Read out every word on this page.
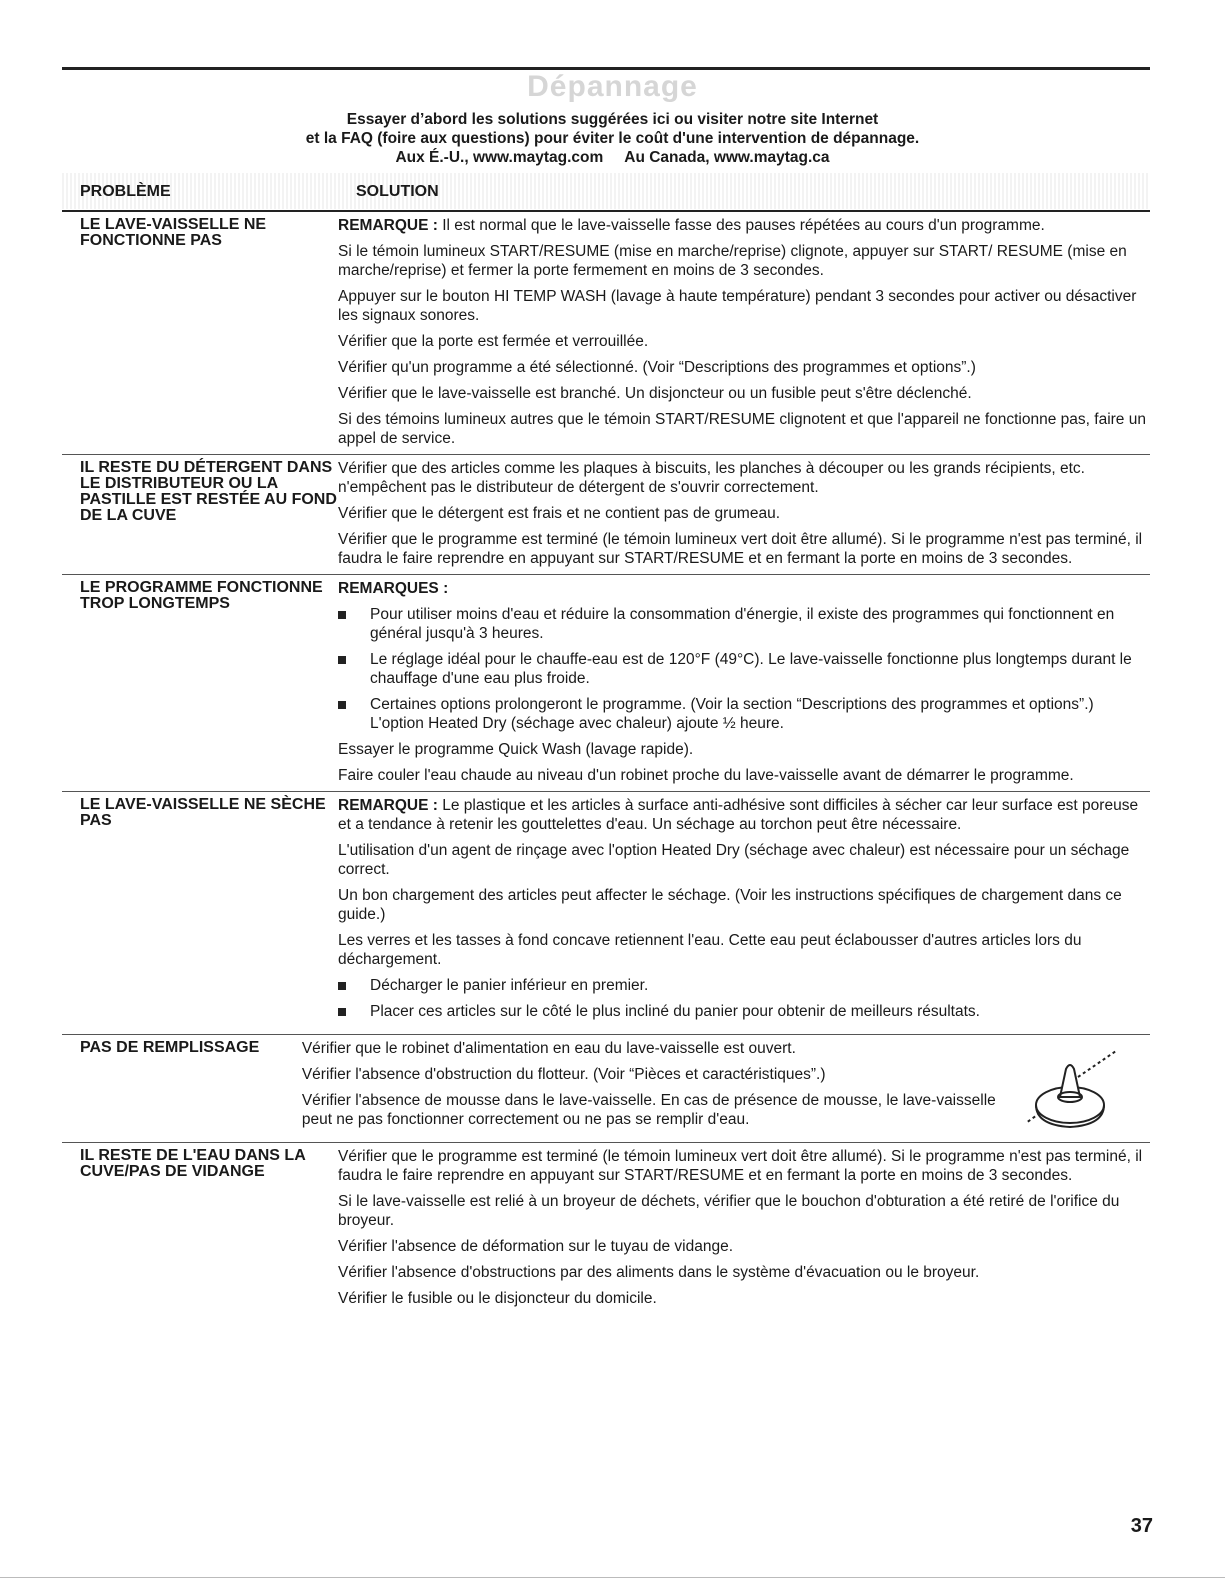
Dépannage
Essayer d’abord les solutions suggérées ici ou visiter notre site Internet
et la FAQ (foire aux questions) pour éviter le coût d'une intervention de dépannage.
Aux É.-U., www.maytag.com     Au Canada, www.maytag.ca
PROBLÈME	SOLUTION
LE LAVE-VAISSELLE NE FONCTIONNE PAS
REMARQUE : Il est normal que le lave-vaisselle fasse des pauses répétées au cours d'un programme.
Si le témoin lumineux START/RESUME (mise en marche/reprise) clignote, appuyer sur START/ RESUME (mise en marche/reprise) et fermer la porte fermement en moins de 3 secondes.
Appuyer sur le bouton HI TEMP WASH (lavage à haute température) pendant 3 secondes pour activer ou désactiver les signaux sonores.
Vérifier que la porte est fermée et verrouillée.
Vérifier qu'un programme a été sélectionné. (Voir “Descriptions des programmes et options”.)
Vérifier que le lave-vaisselle est branché. Un disjoncteur ou un fusible peut s'être déclenché.
Si des témoins lumineux autres que le témoin START/RESUME clignotent et que l'appareil ne fonctionne pas, faire un appel de service.
IL RESTE DU DÉTERGENT DANS LE DISTRIBUTEUR OU LA PASTILLE EST RESTÉE AU FOND DE LA CUVE
Vérifier que des articles comme les plaques à biscuits, les planches à découper ou les grands récipients, etc. n'empêchent pas le distributeur de détergent de s'ouvrir correctement.
Vérifier que le détergent est frais et ne contient pas de grumeau.
Vérifier que le programme est terminé (le témoin lumineux vert doit être allumé). Si le programme n'est pas terminé, il faudra le faire reprendre en appuyant sur START/RESUME et en fermant la porte en moins de 3 secondes.
LE PROGRAMME FONCTIONNE TROP LONGTEMPS
REMARQUES :
Pour utiliser moins d'eau et réduire la consommation d'énergie, il existe des programmes qui fonctionnent en général jusqu'à 3 heures.
Le réglage idéal pour le chauffe-eau est de 120°F (49°C). Le lave-vaisselle fonctionne plus longtemps durant le chauffage d'une eau plus froide.
Certaines options prolongeront le programme. (Voir la section “Descriptions des programmes et options”.) L'option Heated Dry (séchage avec chaleur) ajoute ½ heure.
Essayer le programme Quick Wash (lavage rapide).
Faire couler l'eau chaude au niveau d'un robinet proche du lave-vaisselle avant de démarrer le programme.
LE LAVE-VAISSELLE NE SÈCHE PAS
REMARQUE : Le plastique et les articles à surface anti-adhésive sont difficiles à sécher car leur surface est poreuse et a tendance à retenir les gouttelettes d'eau. Un séchage au torchon peut être nécessaire.
L'utilisation d'un agent de rinçage avec l'option Heated Dry (séchage avec chaleur) est nécessaire pour un séchage correct.
Un bon chargement des articles peut affecter le séchage. (Voir les instructions spécifiques de chargement dans ce guide.)
Les verres et les tasses à fond concave retiennent l'eau. Cette eau peut éclabousser d'autres articles lors du déchargement.
Décharger le panier inférieur en premier.
Placer ces articles sur le côté le plus incliné du panier pour obtenir de meilleurs résultats.
PAS DE REMPLISSAGE	Vérifier que le robinet d'alimentation en eau du lave-vaisselle est ouvert.
Vérifier l'absence d'obstruction du flotteur. (Voir “Pièces et caractéristiques”.)
Vérifier l'absence de mousse dans le lave-vaisselle. En cas de présence de mousse, le lave-vaisselle peut ne pas fonctionner correctement ou ne pas se remplir d'eau.
IL RESTE DE L'EAU DANS LA CUVE/PAS DE VIDANGE
Vérifier que le programme est terminé (le témoin lumineux vert doit être allumé). Si le programme n'est pas terminé, il faudra le faire reprendre en appuyant sur START/RESUME et en fermant la porte en moins de 3 secondes.
Si le lave-vaisselle est relié à un broyeur de déchets, vérifier que le bouchon d'obturation a été retiré de l'orifice du broyeur.
Vérifier l'absence de déformation sur le tuyau de vidange.
Vérifier l'absence d'obstructions par des aliments dans le système d'évacuation ou le broyeur.
Vérifier le fusible ou le disjoncteur du domicile.
37
